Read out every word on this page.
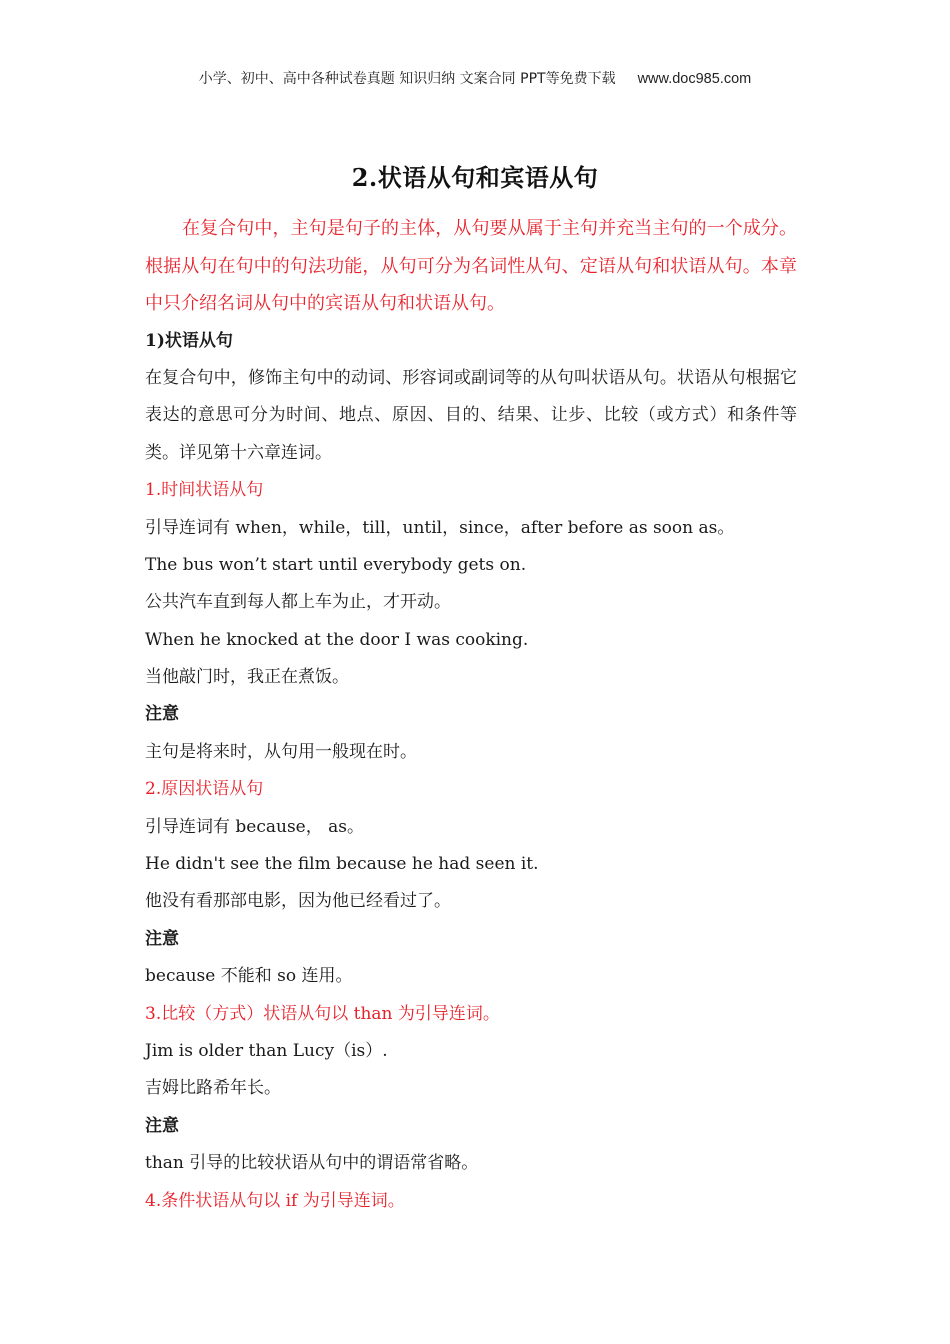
小学、初中、高中各种试卷真题 知识归纳 文案合同 PPT等免费下载 www.doc985.com
2.状语从句和宾语从句

在复合句中，主句是句子的主体，从句要从属于主句并充当主句的一个成分。根据从句在句中的句法功能，从句可分为名词性从句、定语从句和状语从句。本章中只介绍名词从句中的宾语从句和状语从句。

1)状语从句

在复合句中，修饰主句中的动词、形容词或副词等的从句叫状语从句。状语从句根据它表达的意思可分为时间、地点、原因、目的、结果、让步、比较（或方式）和条件等类。详见第十六章连词。

1.时间状语从句
引导连词有 when，while，till，until，since，after before as soon as。
The bus won’t start until everybody gets on.
公共汽车直到每人都上车为止，才开动。
When he knocked at the door I was cooking.
当他敲门时，我正在煮饭。
注意
主句是将来时，从句用一般现在时。
2.原因状语从句
引导连词有 because， as。
He didn't see the film because he had seen it.
他没有看那部电影，因为他已经看过了。
注意
because 不能和 so 连用。
3.比较（方式）状语从句以 than 为引导连词。
Jim is older than Lucy（is）.
吉姆比路希年长。
注意
than 引导的比较状语从句中的谓语常省略。
4.条件状语从句以 if 为引导连词。
